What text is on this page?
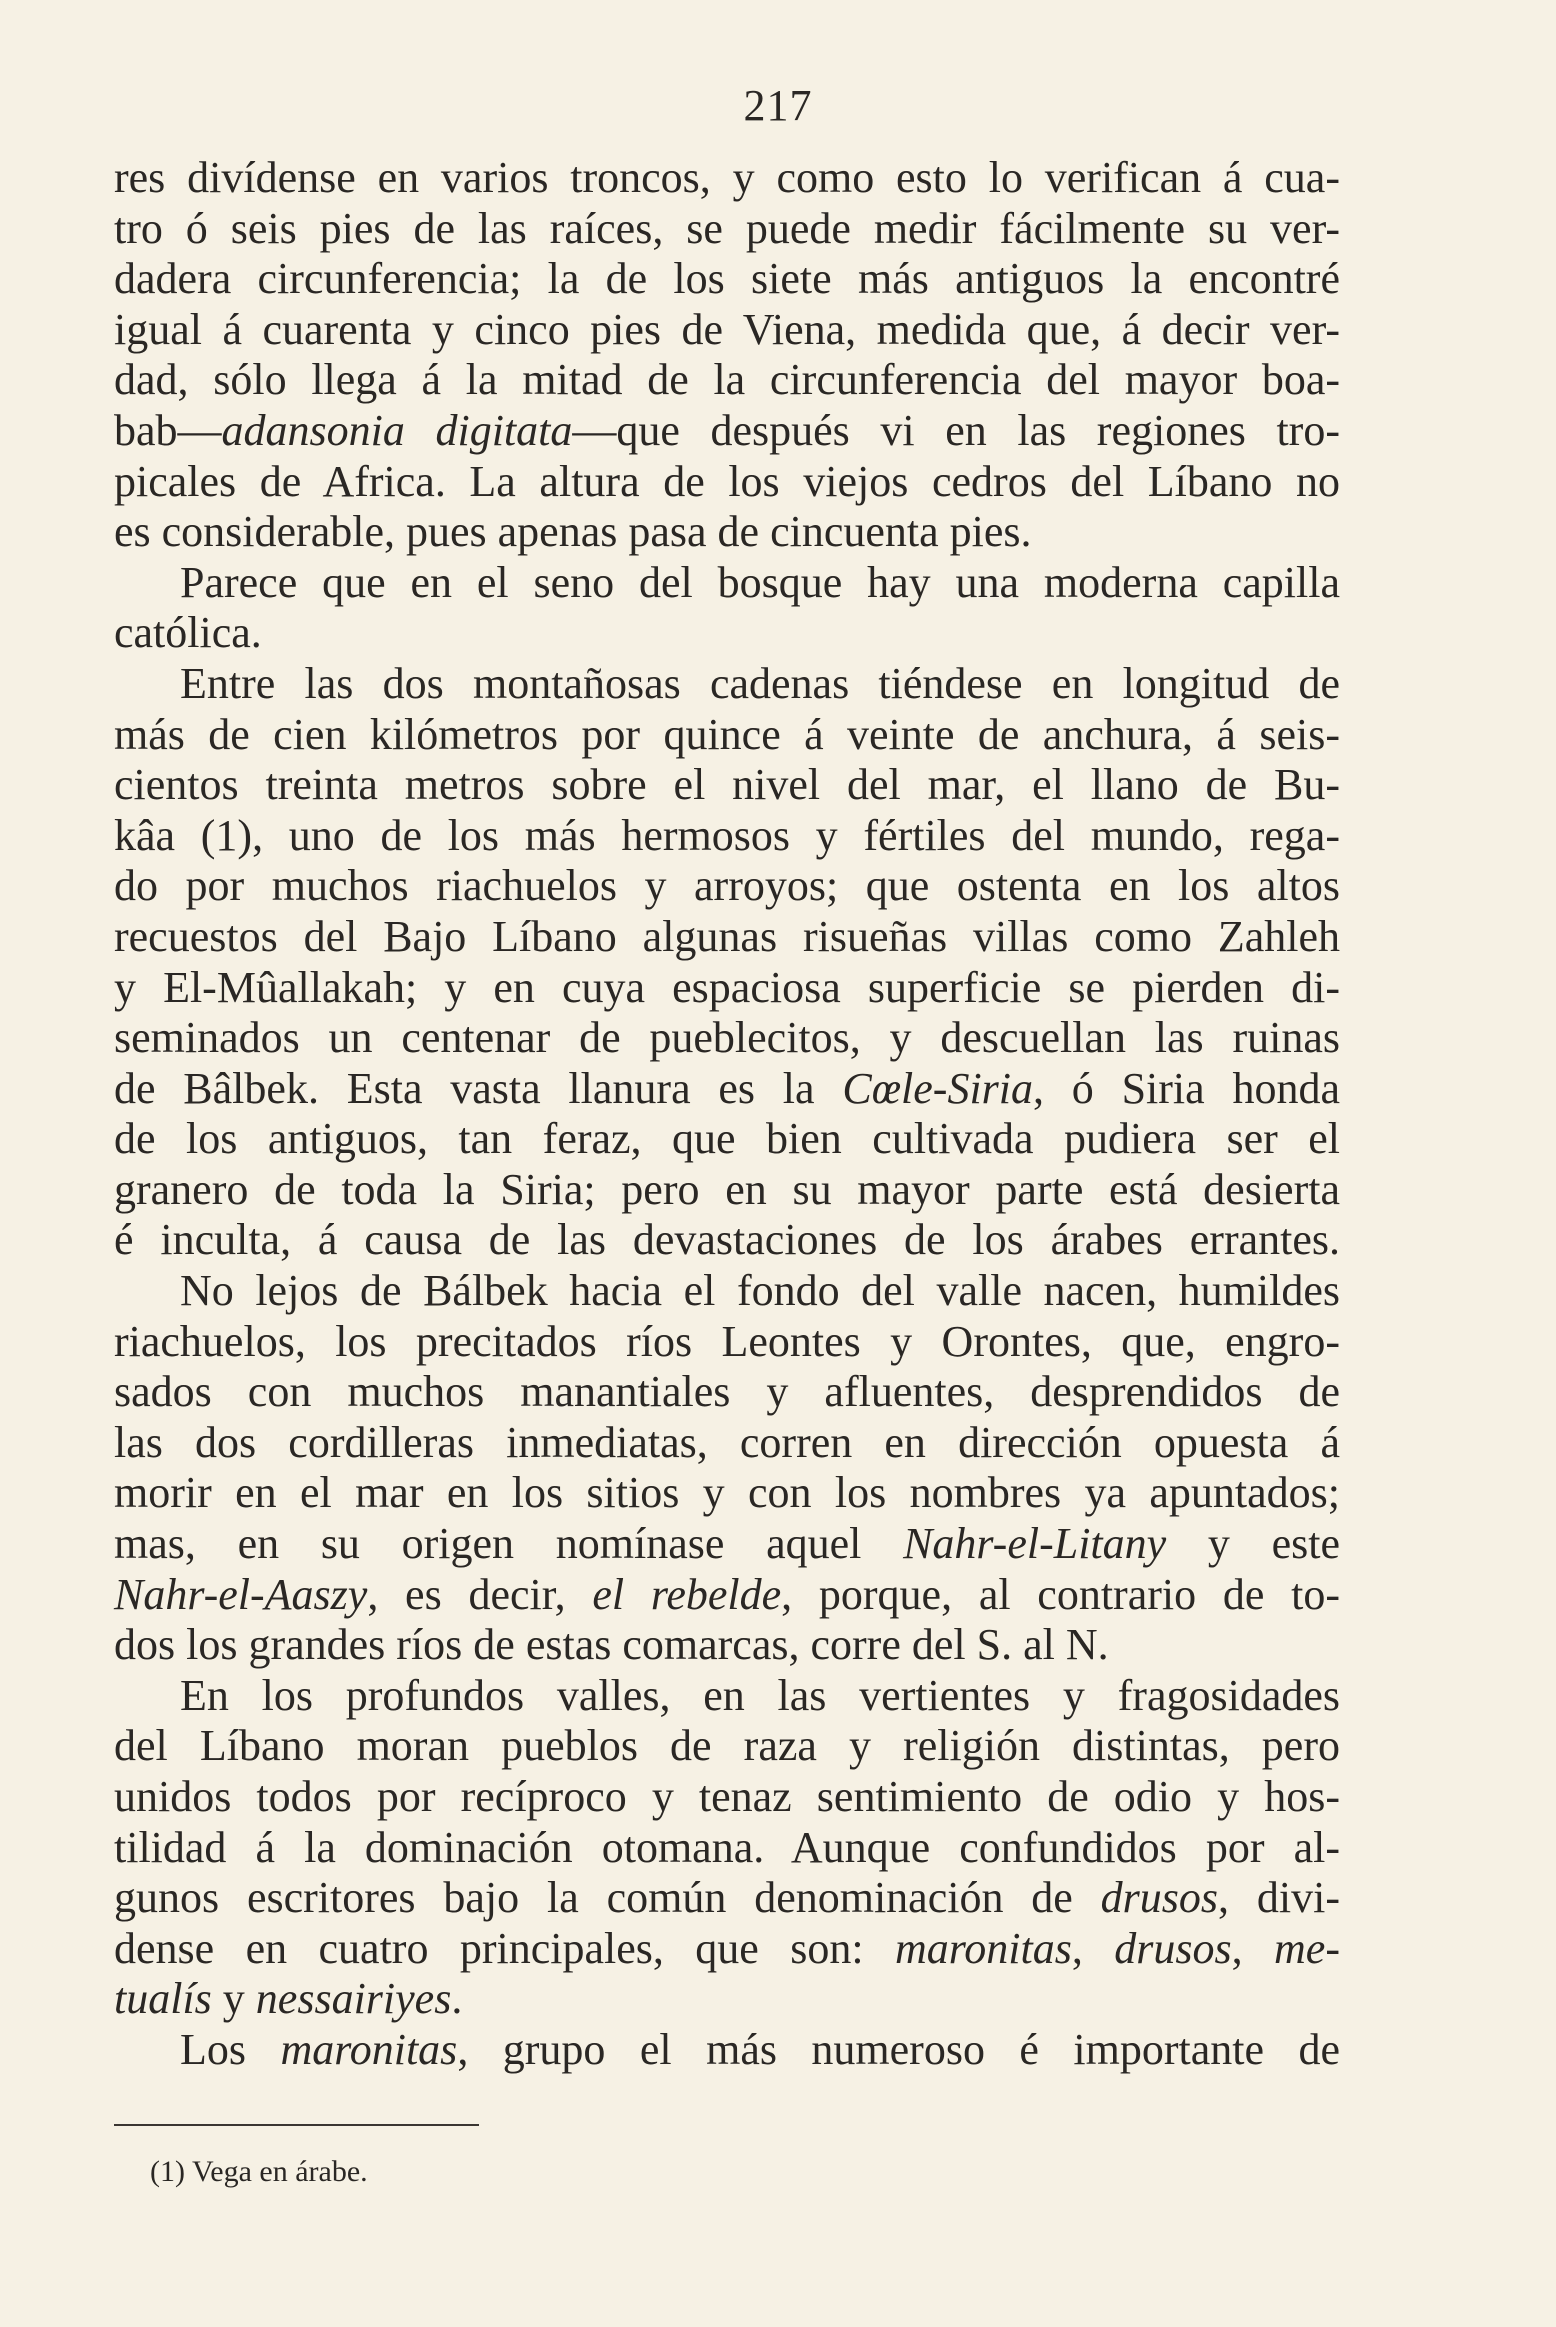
217
res divídense en varios troncos, y como esto lo verifican á cua-
tro ó seis pies de las raíces, se puede medir fácilmente su ver-
dadera circunferencia; la de los siete más antiguos la encontré
igual á cuarenta y cinco pies de Viena, medida que, á decir ver-
dad, sólo llega á la mitad de la circunferencia del mayor boa-
bab—adansonia digitata—que después vi en las regiones tro-
picales de Africa. La altura de los viejos cedros del Líbano no
es considerable, pues apenas pasa de cincuenta pies.
Parece que en el seno del bosque hay una moderna capilla
católica.
Entre las dos montañosas cadenas tiéndese en longitud de
más de cien kilómetros por quince á veinte de anchura, á seis-
cientos treinta metros sobre el nivel del mar, el llano de Bu-
kâa (1), uno de los más hermosos y fértiles del mundo, rega-
do por muchos riachuelos y arroyos; que ostenta en los altos
recuestos del Bajo Líbano algunas risueñas villas como Zahleh
y El-Mûallakah; y en cuya espaciosa superficie se pierden di-
seminados un centenar de pueblecitos, y descuellan las ruinas
de Bâlbek. Esta vasta llanura es la Cœle-Siria, ó Siria honda
de los antiguos, tan feraz, que bien cultivada pudiera ser el
granero de toda la Siria; pero en su mayor parte está desierta
é inculta, á causa de las devastaciones de los árabes errantes.
No lejos de Bálbek hacia el fondo del valle nacen, humildes
riachuelos, los precitados ríos Leontes y Orontes, que, engro-
sados con muchos manantiales y afluentes, desprendidos de
las dos cordilleras inmediatas, corren en dirección opuesta á
morir en el mar en los sitios y con los nombres ya apuntados;
mas, en su origen nomínase aquel Nahr-el-Litany y este
Nahr-el-Aaszy, es decir, el rebelde, porque, al contrario de to-
dos los grandes ríos de estas comarcas, corre del S. al N.
En los profundos valles, en las vertientes y fragosidades
del Líbano moran pueblos de raza y religión distintas, pero
unidos todos por recíproco y tenaz sentimiento de odio y hos-
tilidad á la dominación otomana. Aunque confundidos por al-
gunos escritores bajo la común denominación de drusos, divi-
dense en cuatro principales, que son: maronitas, drusos, me-
tualís y nessairiyes.
Los maronitas, grupo el más numeroso é importante de
(1) Vega en árabe.
